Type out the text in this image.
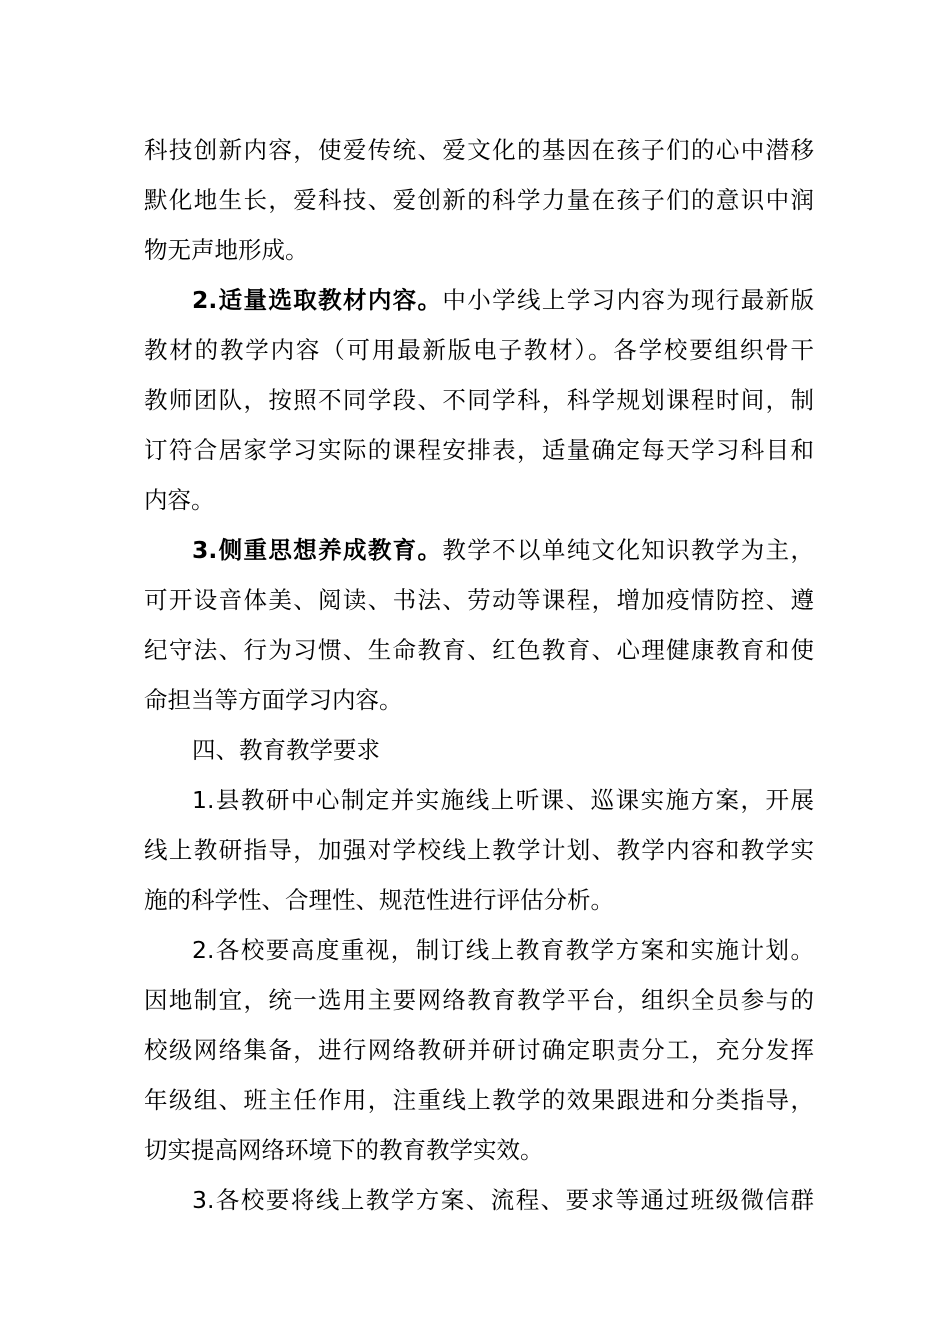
科技创新内容，使爱传统、爱文化的基因在孩子们的心中潜移
默化地生长，爱科技、爱创新的科学力量在孩子们的意识中润
物无声地形成。
2.适量选取教材内容。中小学线上学习内容为现行最新版
教材的教学内容（可用最新版电子教材）。各学校要组织骨干
教师团队，按照不同学段、不同学科，科学规划课程时间，制
订符合居家学习实际的课程安排表，适量确定每天学习科目和
内容。
3.侧重思想养成教育。教学不以单纯文化知识教学为主，
可开设音体美、阅读、书法、劳动等课程，增加疫情防控、遵
纪守法、行为习惯、生命教育、红色教育、心理健康教育和使
命担当等方面学习内容。
四、教育教学要求
1.县教研中心制定并实施线上听课、巡课实施方案，开展
线上教研指导，加强对学校线上教学计划、教学内容和教学实
施的科学性、合理性、规范性进行评估分析。
2.各校要高度重视，制订线上教育教学方案和实施计划。
因地制宜，统一选用主要网络教育教学平台，组织全员参与的
校级网络集备，进行网络教研并研讨确定职责分工，充分发挥
年级组、班主任作用，注重线上教学的效果跟进和分类指导，
切实提高网络环境下的教育教学实效。
3.各校要将线上教学方案、流程、要求等通过班级微信群
